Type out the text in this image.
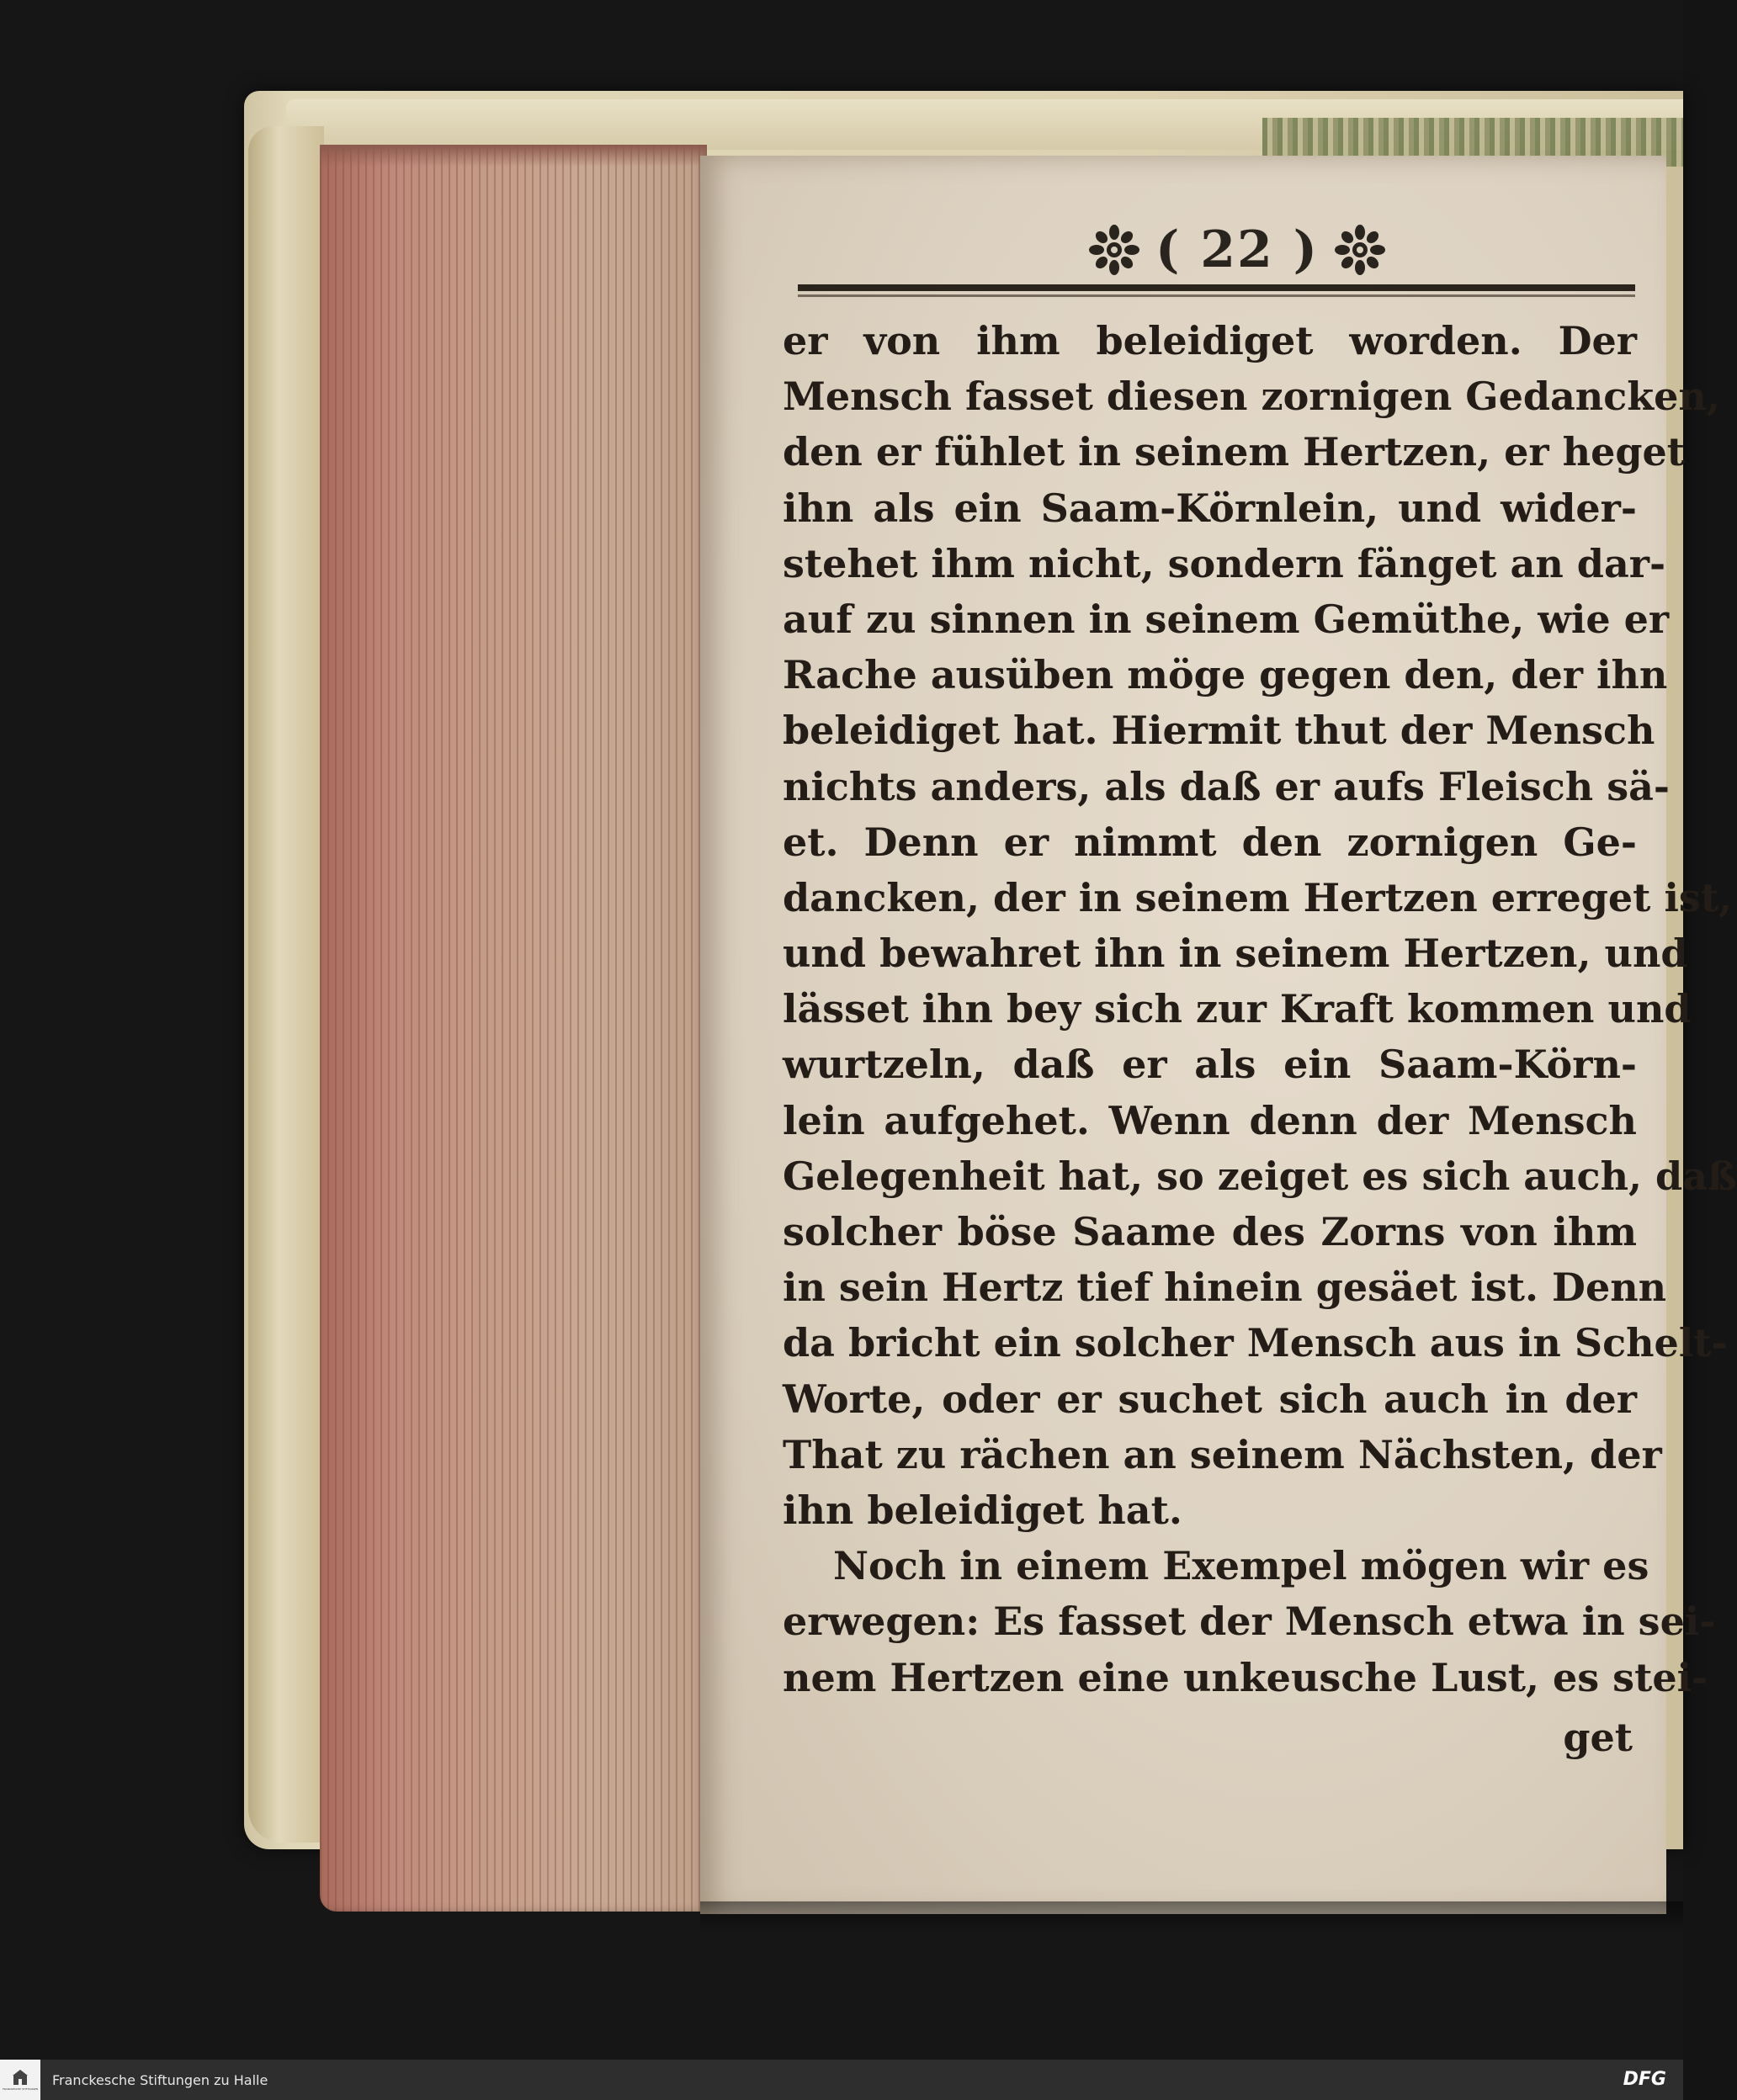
( 22 )
er von ihm beleidiget worden. Der
Mensch fasset diesen zornigen Gedancken,
den er fühlet in seinem Hertzen, er heget
ihn als ein Saam-Körnlein, und wider-
stehet ihm nicht, sondern fänget an dar-
auf zu sinnen in seinem Gemüthe, wie er
Rache ausüben möge gegen den, der ihn
beleidiget hat. Hiermit thut der Mensch
nichts anders, als daß er aufs Fleisch sä-
et. Denn er nimmt den zornigen Ge-
dancken, der in seinem Hertzen erreget ist,
und bewahret ihn in seinem Hertzen, und
lässet ihn bey sich zur Kraft kommen und
wurtzeln, daß er als ein Saam-Körn-
lein aufgehet. Wenn denn der Mensch
Gelegenheit hat, so zeiget es sich auch, daß
solcher böse Saame des Zorns von ihm
in sein Hertz tief hinein gesäet ist. Denn
da bricht ein solcher Mensch aus in Schelt-
Worte, oder er suchet sich auch in der
That zu rächen an seinem Nächsten, der
ihn beleidiget hat.
Noch in einem Exempel mögen wir es
erwegen: Es fasset der Mensch etwa in sei-
nem Hertzen eine unkeusche Lust, es stei-
get
FRANCKESCHE STIFTUNGEN
Franckesche Stiftungen zu Halle	DFG
